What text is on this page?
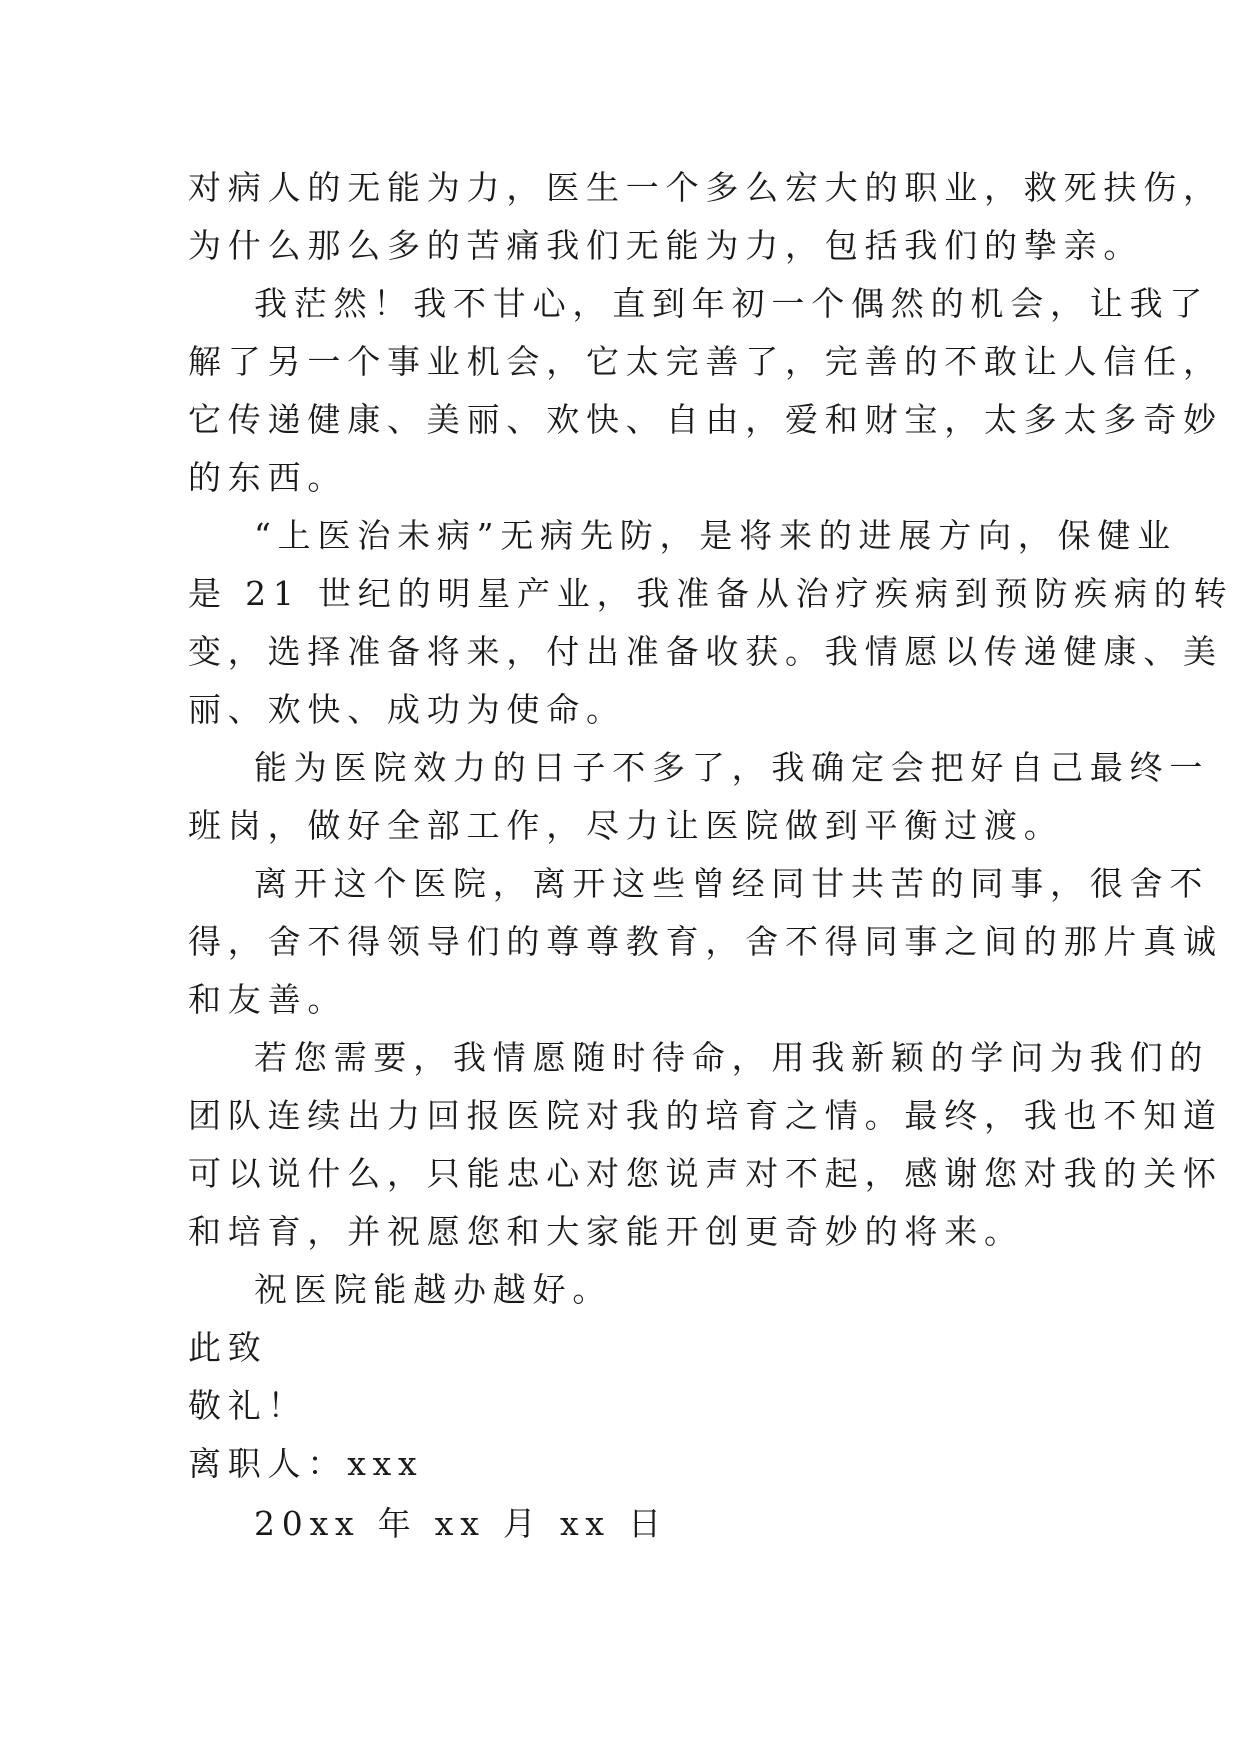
对病人的无能为力，医生一个多么宏大的职业，救死扶伤，

为什么那么多的苦痛我们无能为力，包括我们的挚亲。

我茫然！我不甘心，直到年初一个偶然的机会，让我了

解了另一个事业机会，它太完善了，完善的不敢让人信任，

它传递健康、美丽、欢快、自由，爱和财宝，太多太多奇妙

的东西。

“上医治未病”无病先防，是将来的进展方向，保健业

是 21 世纪的明星产业，我准备从治疗疾病到预防疾病的转

变，选择准备将来，付出准备收获。我情愿以传递健康、美

丽、欢快、成功为使命。

能为医院效力的日子不多了，我确定会把好自己最终一

班岗，做好全部工作，尽力让医院做到平衡过渡。

离开这个医院，离开这些曾经同甘共苦的同事，很舍不

得，舍不得领导们的尊尊教育，舍不得同事之间的那片真诚

和友善。

若您需要，我情愿随时待命，用我新颖的学问为我们的

团队连续出力回报医院对我的培育之情。最终，我也不知道

可以说什么，只能忠心对您说声对不起，感谢您对我的关怀

和培育，并祝愿您和大家能开创更奇妙的将来。

祝医院能越办越好。

此致

敬礼！

离职人：xxx

20xx 年 xx 月 xx 日
